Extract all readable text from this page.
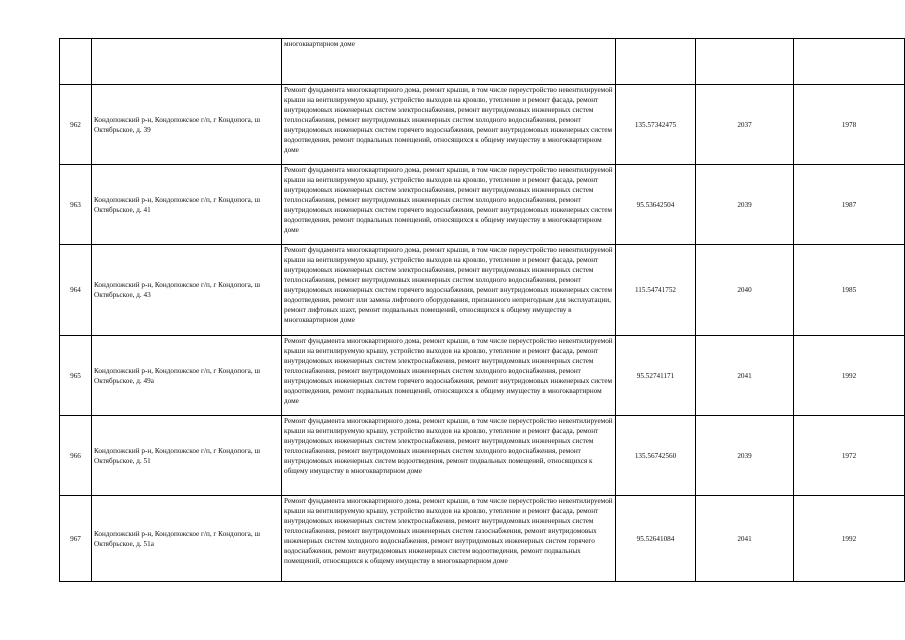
		многоквартирном доме			
962	Кондопожский р-н, Кондопожское г/п, г Кондопога, ш Октябрьское, д. 39	Ремонт фундамента многоквартирного дома, ремонт крыши, в том числе переустройство невентилируемой крыши на вентилируемую крышу, устройство выходов на кровлю, утепление и ремонт фасада, ремонт внутридомовых инженерных систем электроснабжения, ремонт внутридомовых инженерных систем теплоснабжения, ремонт внутридомовых инженерных систем холодного водоснабжения, ремонт внутридомовых инженерных систем горячего водоснабжения, ремонт внутридомовых инженерных систем водоотведения, ремонт подвальных помещений, относящихся к общему имуществу в многоквартирном доме	135.57342475	2037	1978
963	Кондопожский р-н, Кондопожское г/п, г Кондопога, ш Октябрьское, д. 41	Ремонт фундамента многоквартирного дома, ремонт крыши, в том числе переустройство невентилируемой крыши на вентилируемую крышу, устройство выходов на кровлю, утепление и ремонт фасада, ремонт внутридомовых инженерных систем электроснабжения, ремонт внутридомовых инженерных систем теплоснабжения, ремонт внутридомовых инженерных систем холодного водоснабжения, ремонт внутридомовых инженерных систем горячего водоснабжения, ремонт внутридомовых инженерных систем водоотведения, ремонт подвальных помещений, относящихся к общему имуществу в многоквартирном доме	95.53642504	2039	1987
964	Кондопожский р-н, Кондопожское г/п, г Кондопога, ш Октябрьское, д. 43	Ремонт фундамента многоквартирного дома, ремонт крыши, в том числе переустройство невентилируемой крыши на вентилируемую крышу, устройство выходов на кровлю, утепление и ремонт фасада, ремонт внутридомовых инженерных систем электроснабжения, ремонт внутридомовых инженерных систем теплоснабжения, ремонт внутридомовых инженерных систем холодного водоснабжения, ремонт внутридомовых инженерных систем горячего водоснабжения, ремонт внутридомовых инженерных систем водоотведения, ремонт или замена лифтового оборудования, признанного непригодным для эксплуатации, ремонт лифтовых шахт, ремонт подвальных помещений, относящихся к общему имуществу в многоквартирном доме	115.54741752	2040	1985
965	Кондопожский р-н, Кондопожское г/п, г Кондопога, ш Октябрьское, д. 49а	Ремонт фундамента многоквартирного дома, ремонт крыши, в том числе переустройство невентилируемой крыши на вентилируемую крышу, устройство выходов на кровлю, утепление и ремонт фасада, ремонт внутридомовых инженерных систем электроснабжения, ремонт внутридомовых инженерных систем теплоснабжения, ремонт внутридомовых инженерных систем холодного водоснабжения, ремонт внутридомовых инженерных систем горячего водоснабжения, ремонт внутридомовых инженерных систем водоотведения, ремонт подвальных помещений, относящихся к общему имуществу в многоквартирном доме	95.52741171	2041	1992
966	Кондопожский р-н, Кондопожское г/п, г Кондопога, ш Октябрьское, д. 51	Ремонт фундамента многоквартирного дома, ремонт крыши, в том числе переустройство невентилируемой крыши на вентилируемую крышу, устройство выходов на кровлю, утепление и ремонт фасада, ремонт внутридомовых инженерных систем электроснабжения, ремонт внутридомовых инженерных систем теплоснабжения, ремонт внутридомовых инженерных систем холодного водоснабжения, ремонт внутридомовых инженерных систем водоотведения, ремонт подвальных помещений, относящихся к общему имуществу в многоквартирном доме	135.56742560	2039	1972
967	Кондопожский р-н, Кондопожское г/п, г Кондопога, ш Октябрьское, д. 51а	Ремонт фундамента многоквартирного дома, ремонт крыши, в том числе переустройство невентилируемой крыши на вентилируемую крышу, устройство выходов на кровлю, утепление и ремонт фасада, ремонт внутридомовых инженерных систем электроснабжения, ремонт внутридомовых инженерных систем теплоснабжения, ремонт внутридомовых инженерных систем газоснабжения, ремонт внутридомовых инженерных систем холодного водоснабжения, ремонт внутридомовых инженерных систем горячего водоснабжения, ремонт внутридомовых инженерных систем водоотведения, ремонт подвальных помещений, относящихся к общему имуществу в многоквартирном доме	95.52641084	2041	1992
